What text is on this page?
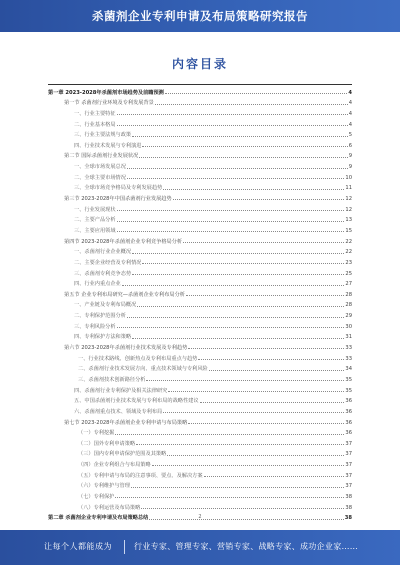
杀菌剂企业专利申请及布局策略研究报告
内容目录
第一章 2023-2028年杀菌剂市场趋势及前瞻预测	4
第一节 杀菌剂行业环境及专利发展背景	4
一、行业主要特征	4
二、行业基本格局	4
三、行业主要法规与政策	5
四、行业技术发展与专利演进	6
第二节 国际杀菌剂行业发展状况	9
一、全球市场发展总况	9
二、全球主要市场情况	10
三、全球市场竞争格局及专利发展趋势	11
第三节 2023-2028年中国杀菌剂行业发展趋势	12
一、行业发展现状	12
二、主要产品分析	13
三、主要应用领域	15
第四节 2023-2028年杀菌剂企业专利竞争格局分析	22
一、杀菌剂行业企业概况	22
二、主要企业经营及专利情况	23
三、杀菌剂专利竞争态势	25
四、行业内重点企业	27
第五节 企业专利布局研究—杀菌剂企业专利布局分析	28
一、产业链及专利布局概况	28
二、专利保护范围分析	29
三、专利风险分析	30
四、专利保护方法和策略	31
第六节 2023-2028年杀菌剂行业技术发展及专利趋势	33
一、行业技术路线、创新热点及专利布局重点与趋势	33
二、杀菌剂行业技术发展方向、重点技术领域与专利风险	34
三、杀菌剂技术创新路径分析	35
四、杀菌剂行业专利保护及相关法律研究	35
五、中国杀菌剂行业技术发展与专利布局的战略性建议	36
六、杀菌剂重点技术、领域及专利布局	36
第七节 2023-2028年杀菌剂企业专利申请与布局策略	36
（一）专利挖掘	36
（二）国外专利申请策略	37
（三）国内专利申请保护范围及其策略	37
（四）企业专利组合与布局策略	37
（五）专利申请与布局的注意事项、要点、及解决方案	37
（六）专利维护与管理	37
（七）专利保护	38
（八）专利运营及布局策略	38
第二章 杀菌剂企业专利申请及布局策略总结	38
2
让每个人都能成为	行业专家、管理专家、营销专家、战略专家、成功企业家……
